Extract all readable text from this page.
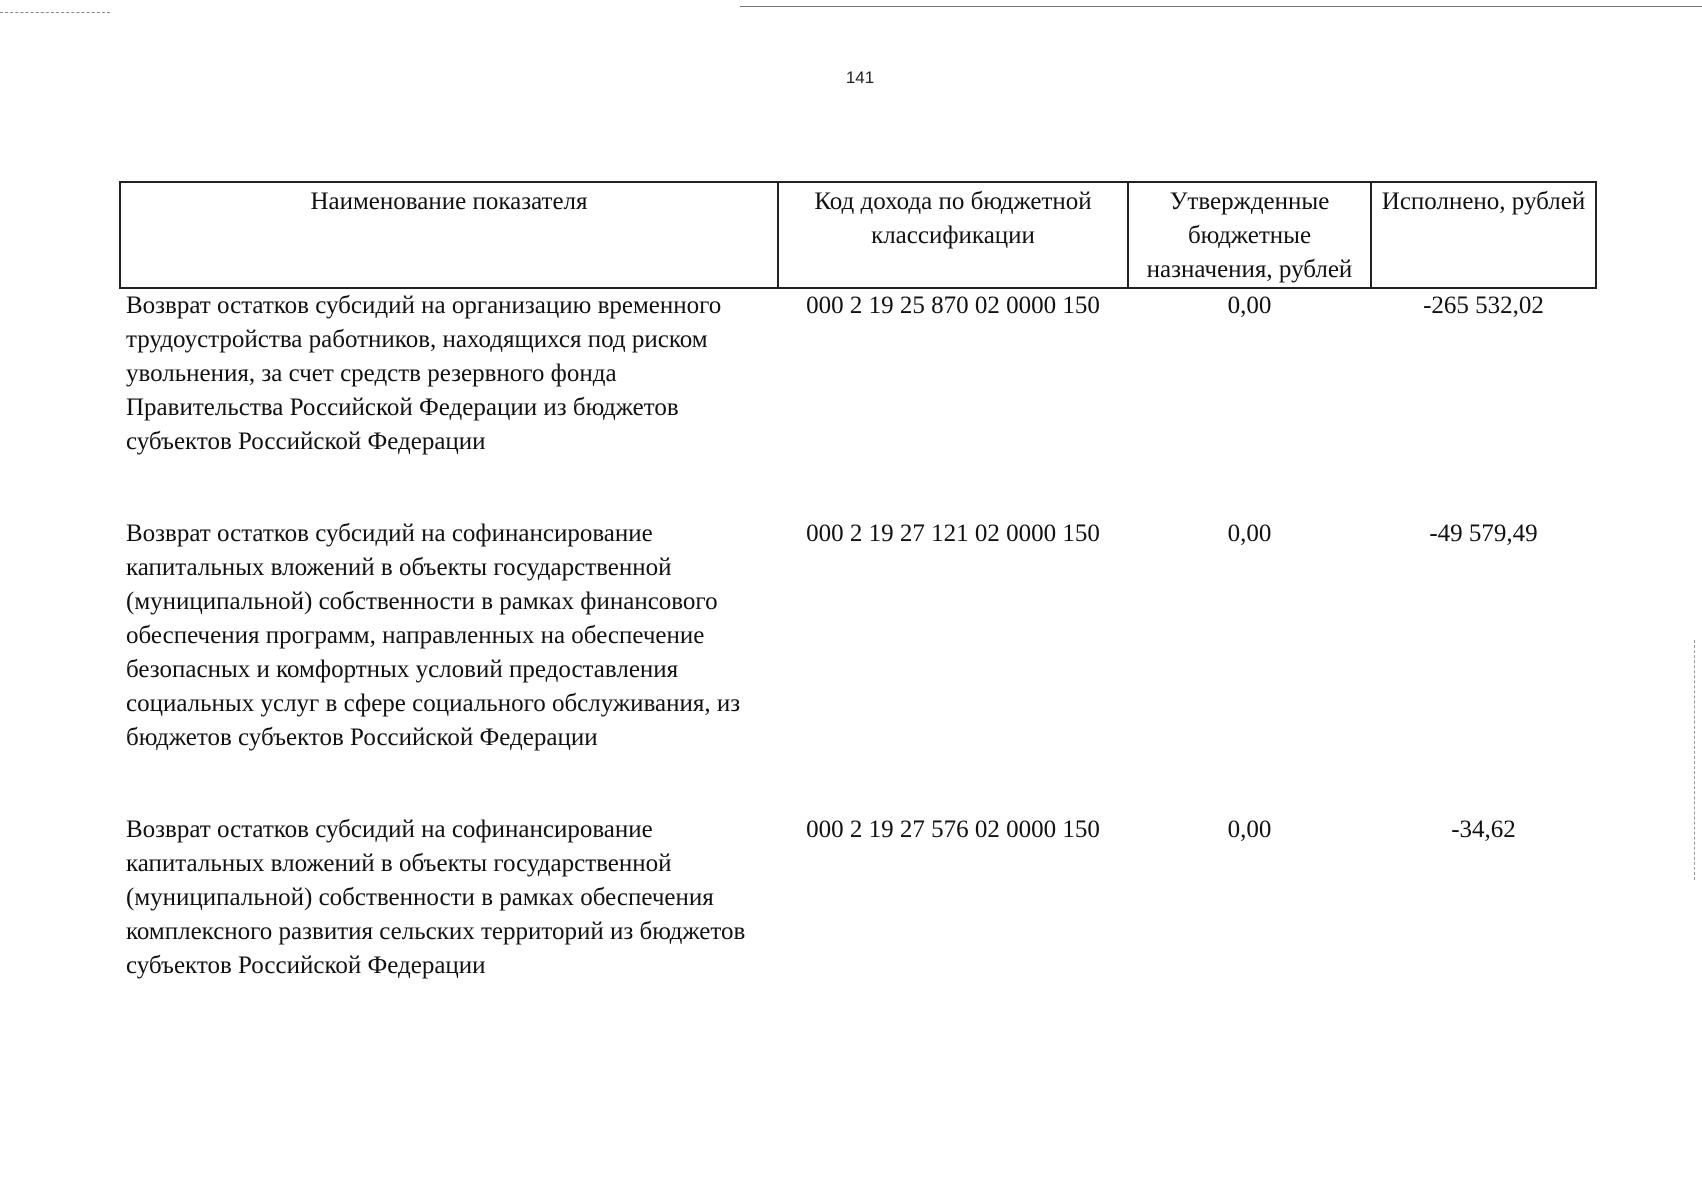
141
Наименование показателя	Код дохода по бюджетной классификации	Утвержденные бюджетные назначения, рублей	Исполнено, рублей
Возврат остатков субсидий на организацию временного трудоустройства работников, находящихся под риском увольнения, за счет средств резервного фонда Правительства Российской Федерации из бюджетов субъектов Российской Федерации	000 2 19 25 870 02 0000 150	0,00	-265 532,02
Возврат остатков субсидий на софинансирование капитальных вложений в объекты государственной (муниципальной) собственности в рамках финансового обеспечения программ, направленных на обеспечение безопасных и комфортных условий предоставления социальных услуг в сфере социального обслуживания, из бюджетов субъектов Российской Федерации	000 2 19 27 121 02 0000 150	0,00	-49 579,49
Возврат остатков субсидий на софинансирование капитальных вложений в объекты государственной (муниципальной) собственности в рамках обеспечения комплексного развития сельских территорий из бюджетов субъектов Российской Федерации	000 2 19 27 576 02 0000 150	0,00	-34,62
